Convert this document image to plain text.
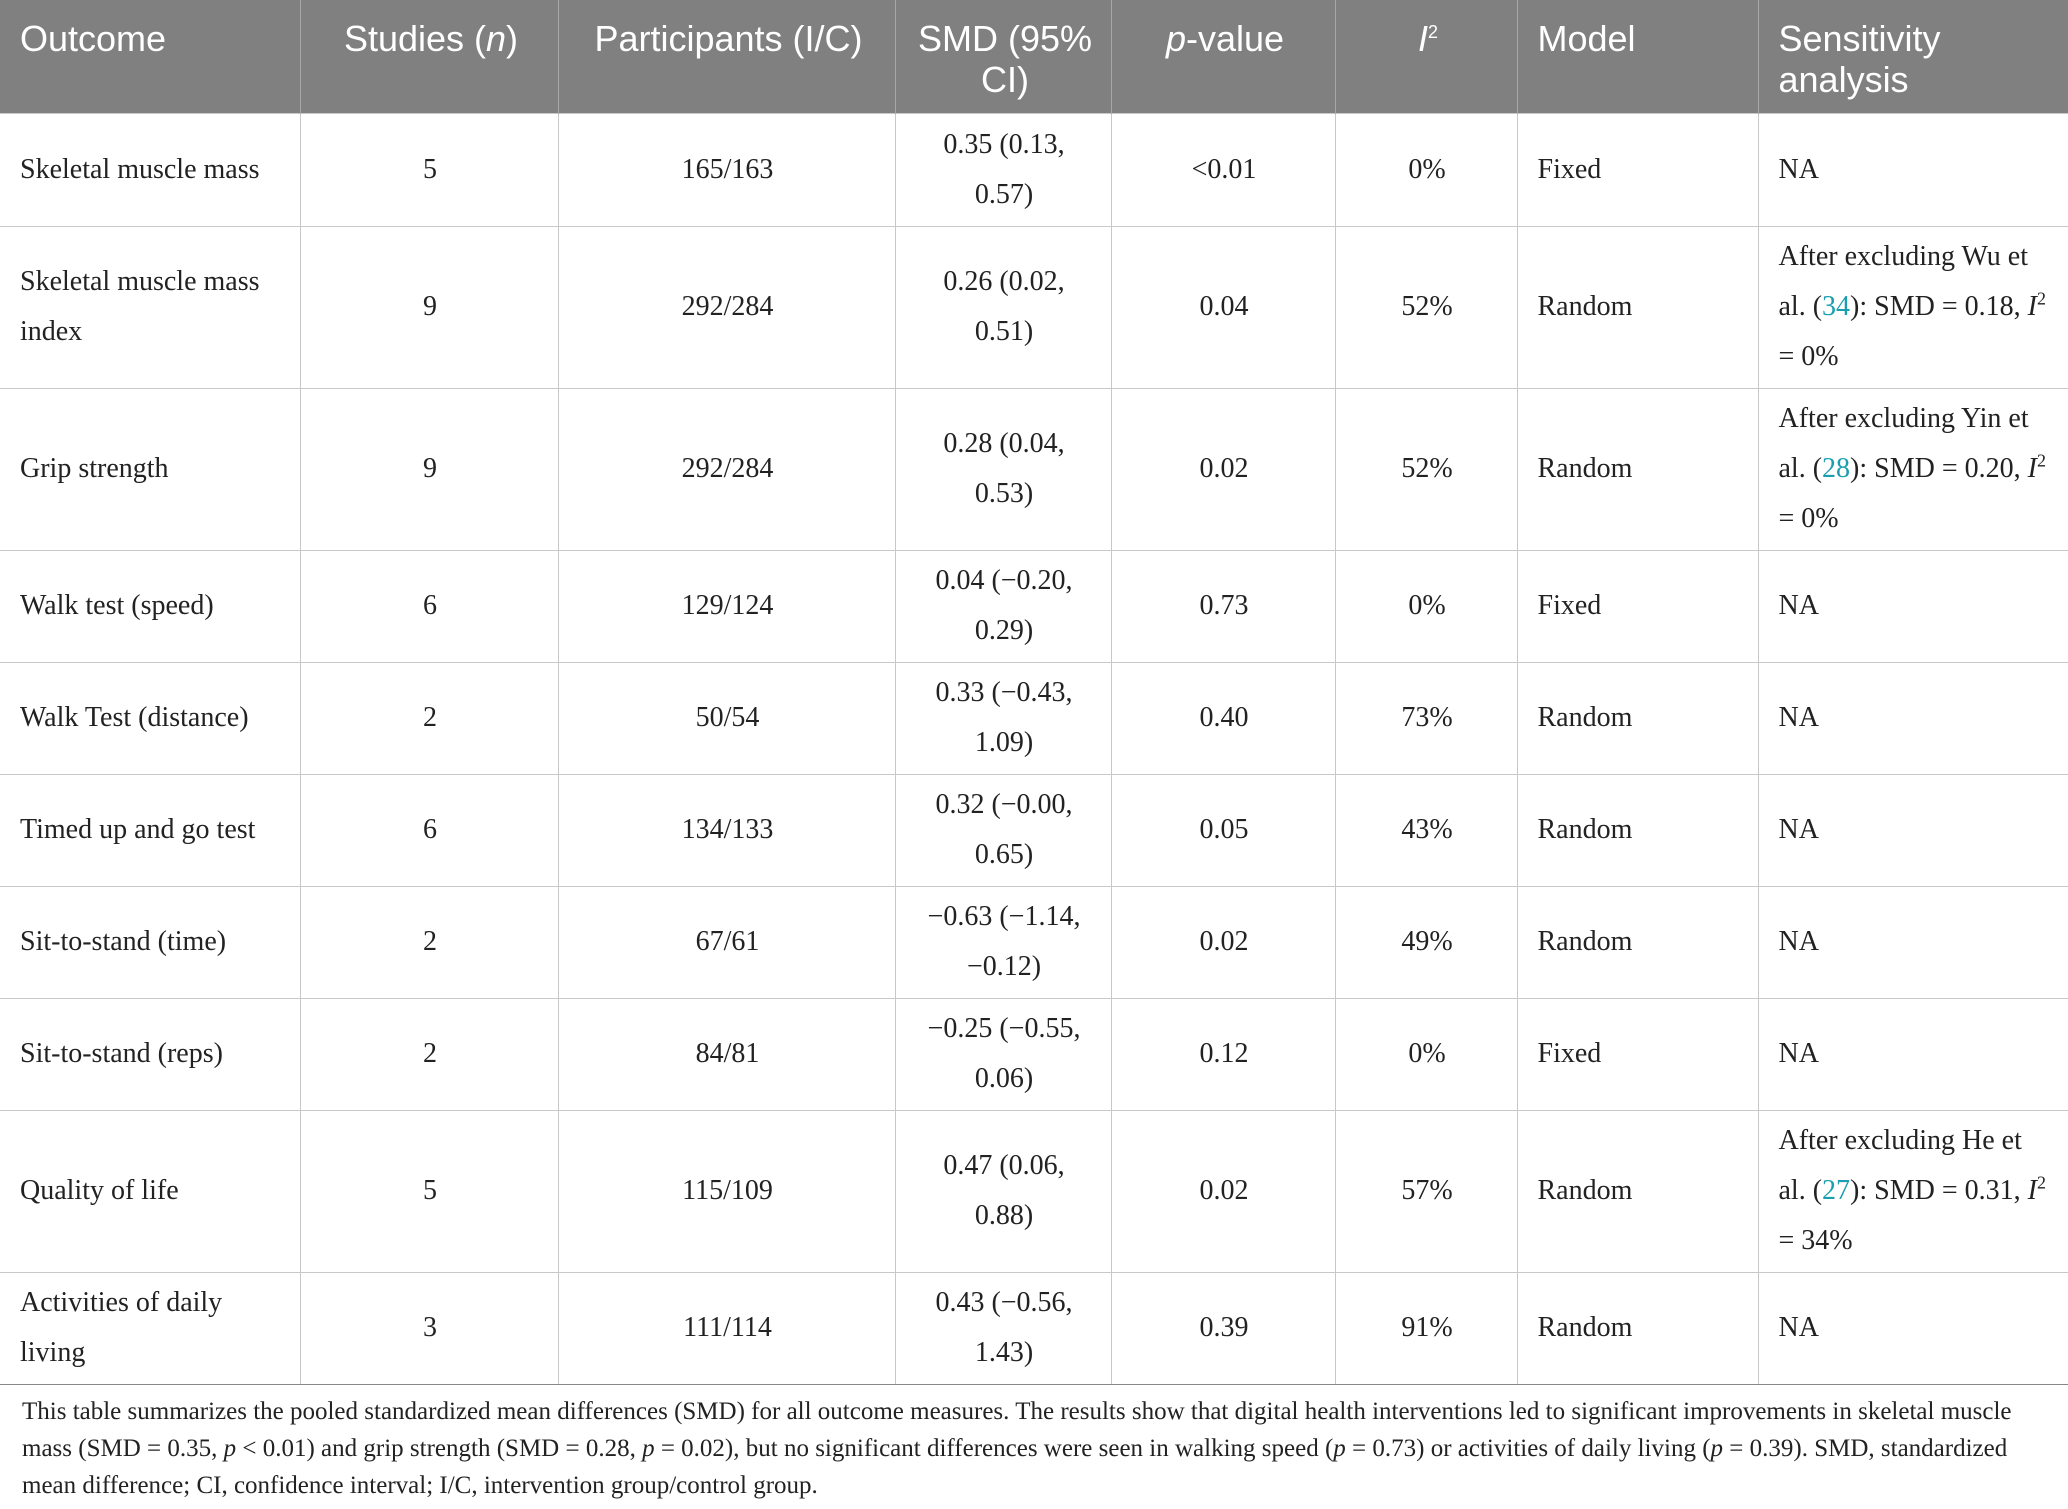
Outcome	Studies (n)	Participants (I/C)	SMD (95% CI)	p-value	$I^2$	Model	Sensitivity analysis
Skeletal muscle mass	5	165/163	0.35 (0.13, 0.57)	<0.01	0%	Fixed	NA
Skeletal muscle mass index	9	292/284	0.26 (0.02, 0.51)	0.04	52%	Random	After excluding Wu et al. (34): SMD = 0.18, $I^2 = 0\%$
Grip strength	9	292/284	0.28 (0.04, 0.53)	0.02	52%	Random	After excluding Yin et al. (28): SMD = 0.20, $I^2 = 0\%$
Walk test (speed)	6	129/124	0.04 (−0.20, 0.29)	0.73	0%	Fixed	NA
Walk Test (distance)	2	50/54	0.33 (−0.43, 1.09)	0.40	73%	Random	NA
Timed up and go test	6	134/133	0.32 (−0.00, 0.65)	0.05	43%	Random	NA
Sit-to-stand (time)	2	67/61	−0.63 (−1.14, −0.12)	0.02	49%	Random	NA
Sit-to-stand (reps)	2	84/81	−0.25 (−0.55, 0.06)	0.12	0%	Fixed	NA
Quality of life	5	115/109	0.47 (0.06, 0.88)	0.02	57%	Random	After excluding He et al. (27): SMD = 0.31, $I^2 = 34\%$
Activities of daily living	3	111/114	0.43 (−0.56, 1.43)	0.39	91%	Random	NA
This table summarizes the pooled standardized mean differences (SMD) for all outcome measures. The results show that digital health interventions led to significant improvements in skeletal muscle mass (SMD = 0.35, p < 0.01) and grip strength (SMD = 0.28, p = 0.02), but no significant differences were seen in walking speed (p = 0.73) or activities of daily living (p = 0.39). SMD, standardized mean difference; CI, confidence interval; I/C, intervention group/control group.
